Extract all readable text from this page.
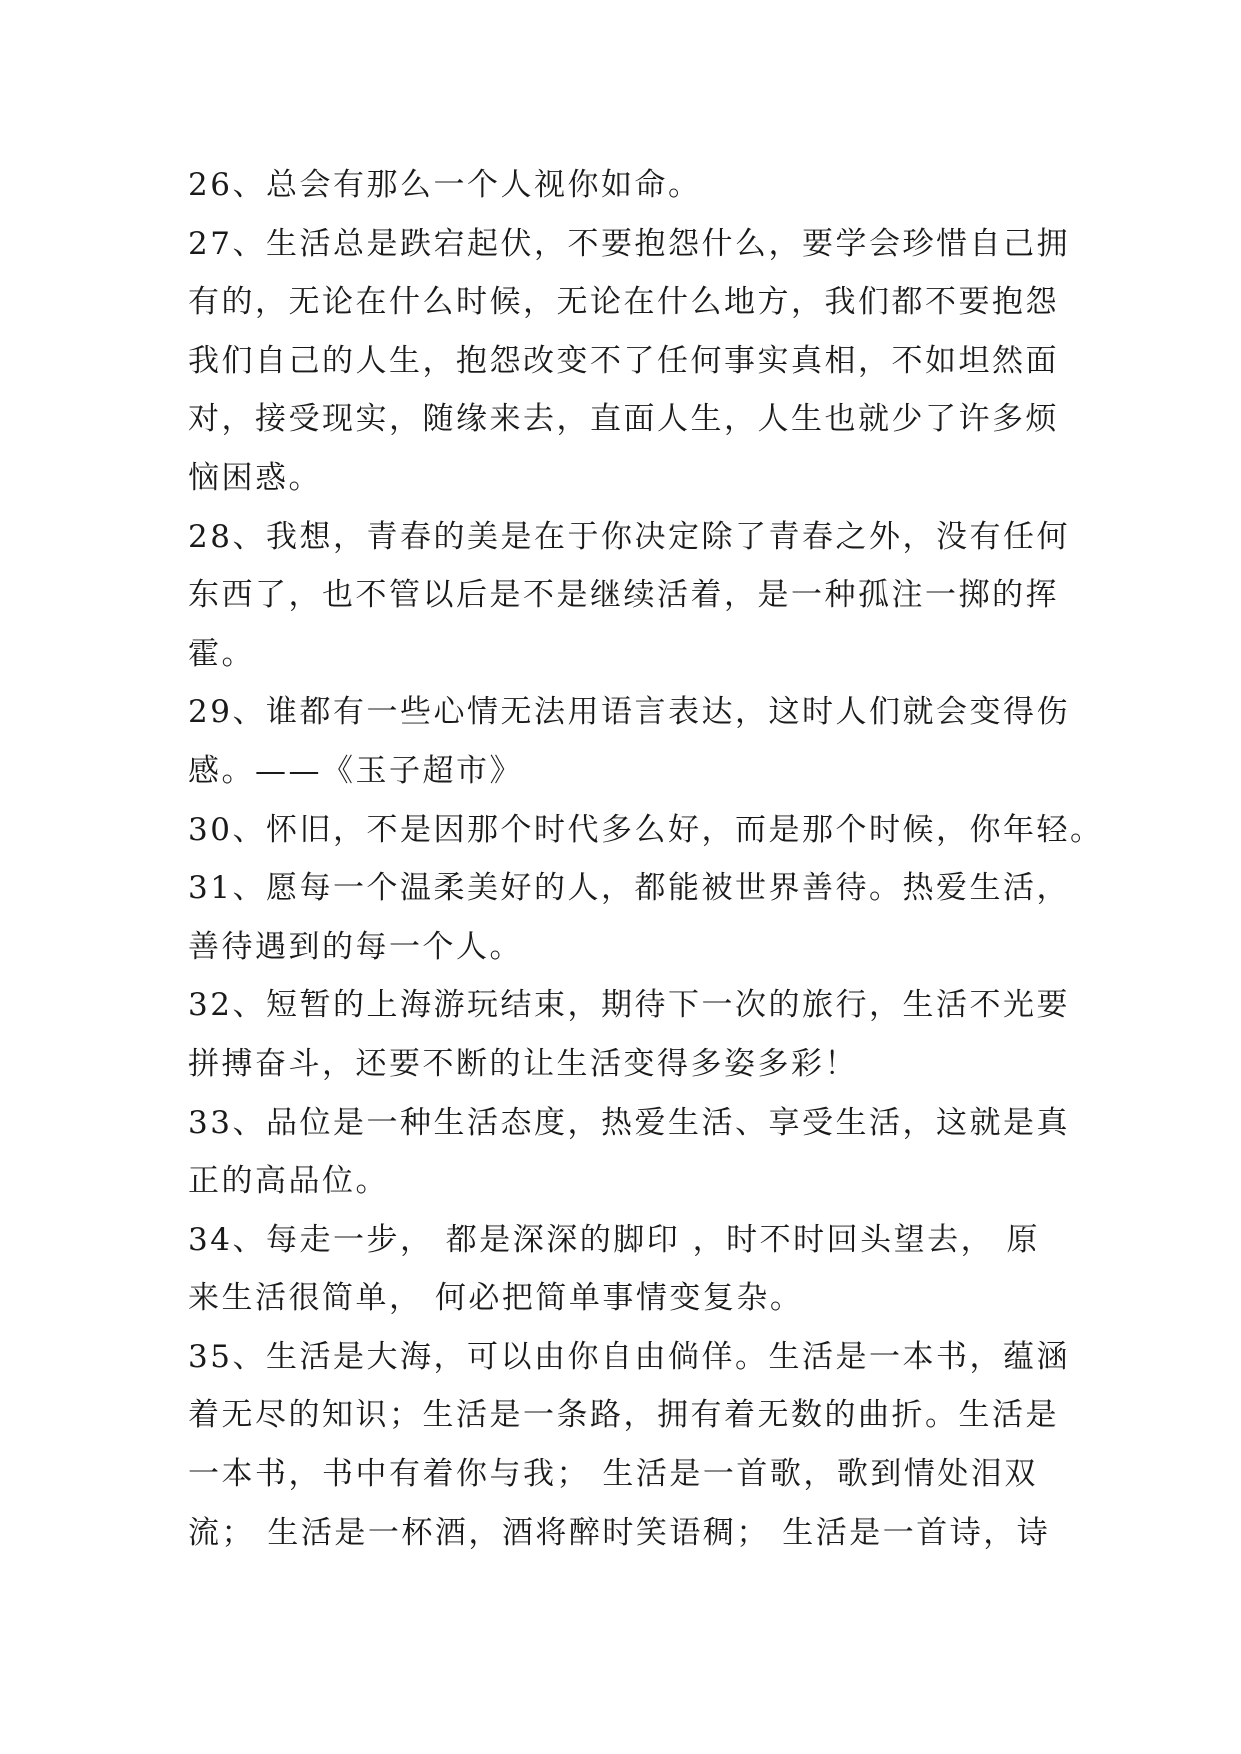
26、总会有那么一个人视你如命。
27、生活总是跌宕起伏，不要抱怨什么，要学会珍惜自己拥
有的，无论在什么时候，无论在什么地方，我们都不要抱怨
我们自己的人生，抱怨改变不了任何事实真相，不如坦然面
对，接受现实，随缘来去，直面人生，人生也就少了许多烦
恼困惑。
28、我想，青春的美是在于你决定除了青春之外，没有任何
东西了，也不管以后是不是继续活着，是一种孤注一掷的挥
霍。
29、谁都有一些心情无法用语言表达，这时人们就会变得伤
感。——《玉子超市》
30、怀旧，不是因那个时代多么好，而是那个时候，你年轻。
31、愿每一个温柔美好的人，都能被世界善待。热爱生活，
善待遇到的每一个人。
32、短暂的上海游玩结束，期待下一次的旅行，生活不光要
拼搏奋斗，还要不断的让生活变得多姿多彩！
33、品位是一种生活态度，热爱生活、享受生活，这就是真
正的高品位。
34、每走一步， 都是深深的脚印 ，时不时回头望去， 原
来生活很简单， 何必把简单事情变复杂。
35、生活是大海，可以由你自由倘佯。生活是一本书，蕴涵
着无尽的知识；生活是一条路，拥有着无数的曲折。生活是
一本书，书中有着你与我； 生活是一首歌，歌到情处泪双
流； 生活是一杯酒，酒将醉时笑语稠； 生活是一首诗，诗
